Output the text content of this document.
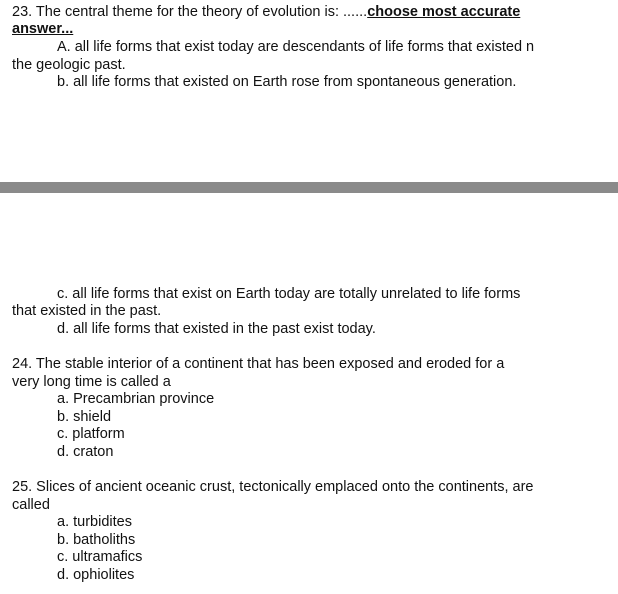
23. The central theme for the theory of evolution is: ......choose most accurate
answer...
A. all life forms that exist today are descendants of life forms that existed n
the geologic past.
b. all life forms that existed on Earth rose from spontaneous generation.
c. all life forms that exist on Earth today are totally unrelated to life forms
that existed in the past.
d. all life forms that existed in the past exist today.
24. The stable interior of a continent that has been exposed and eroded for a
very long time is called a
a. Precambrian province
b. shield
c. platform
d. craton
25. Slices of ancient oceanic crust, tectonically emplaced onto the continents, are
called
a. turbidites
b. batholiths
c. ultramafics
d. ophiolites
